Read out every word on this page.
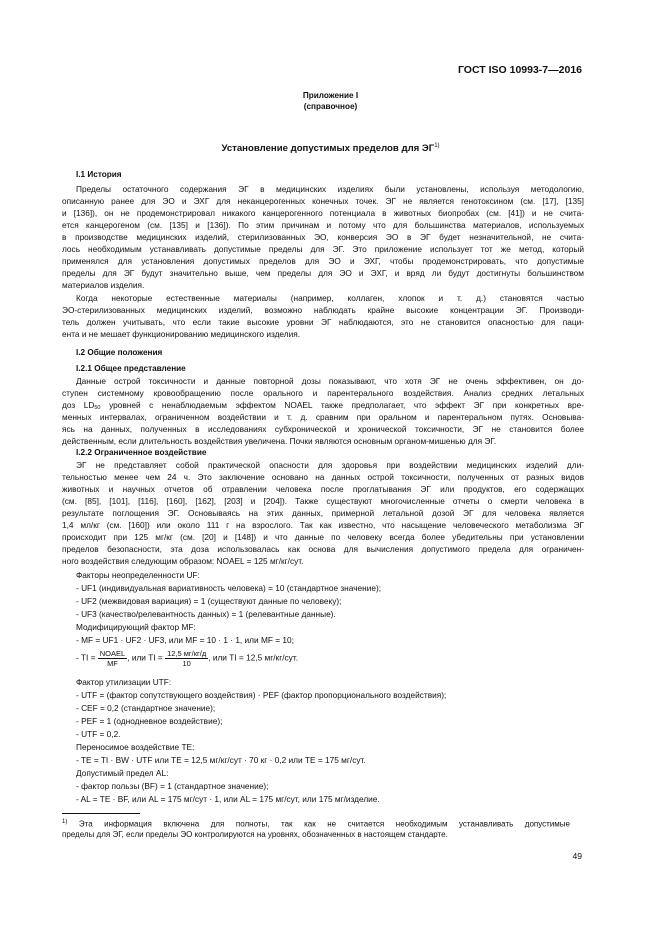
ГОСТ ISO 10993-7—2016

Приложение I

(справочное)

Установление допустимых пределов для ЭГ$^{1)}$

I.1 История

Пределы остаточного содержания ЭГ в медицинских изделиях были установлены, используя методологию,

описанную ранее для ЭО и ЭХГ для неканцерогенных конечных точек. ЭГ не является генотоксином (см. [17], [135]

и [136]), он не продемонстрировал никакого канцерогенного потенциала в животных биопробах (см. [41]) и не счита-

ется канцерогеном (см. [135] и [136]). По этим причинам и потому что для большинства материалов, используемых

в производстве медицинских изделий, стерилизованных ЭО, конверсия ЭО в ЭГ будет незначительной, не счита-

лось необходимым устанавливать допустимые пределы для ЭГ. Это приложение использует тот же метод, который

применялся для установления допустимых пределов для ЭО и ЭХГ, чтобы продемонстрировать, что допустимые

пределы для ЭГ будут значительно выше, чем пределы для ЭО и ЭХГ, и вряд ли будут достигнуты большинством

материалов изделия.

Когда некоторые естественные материалы (например, коллаген, хлопок и т. д.) становятся частью

ЭО-стерилизованных медицинских изделий, возможно наблюдать крайне высокие концентрации ЭГ. Производи-

тель должен учитывать, что если такие высокие уровни ЭГ наблюдаются, это не становится опасностью для паци-

ента и не мешает функционированию медицинского изделия.

I.2 Общие положения

I.2.1 Общее представление

Данные острой токсичности и данные повторной дозы показывают, что хотя ЭГ не очень эффективен, он до-

ступен системному кровообращению после орального и парентерального воздействия. Анализ средних летальных

доз $LD_{50}$ уровней с ненаблюдаемым эффектом NOAEL также предполагает, что эффект ЭГ при конкретных вре-

менных интервалах, ограниченном воздействии и т. д. сравним при оральном и парентеральном путях. Основыва-

ясь на данных, полученных в исследованиях субхронической и хронической токсичности, ЭГ не становится более

действенным, если длительность воздействия увеличена. Почки являются основным органом-мишенью для ЭГ.

I.2.2 Ограниченное воздействие

ЭГ не представляет собой практической опасности для здоровья при воздействии медицинских изделий дли-

тельностью менее чем 24 ч. Это заключение основано на данных острой токсичности, полученных от разных видов

животных и научных отчетов об отравлении человека после проглатывания ЭГ или продуктов, его содержащих

(см. [85], [101], [116], [160], [162], [203] и [204]). Также существуют многочисленные отчеты о смерти человека в

результате поглощения ЭГ. Основываясь на этих данных, примерной летальной дозой ЭГ для человека является

1,4 мл/кг (см. [160]) или около 111 г на взрослого. Так как известно, что насыщение человеческого метаболизма ЭГ

происходит при 125 мг/кг (см. [20] и [148]) и что данные по человеку всегда более убедительны при установлении

пределов безопасности, эта доза использовалась как основа для вычисления допустимого предела для ограничен-

ного воздействия следующим образом: NOAEL = 125 мг/кг/сут.

Факторы неопределенности UF:

- UF1 (индивидуальная вариативность человека) = 10 (стандартное значение);

- UF2 (межвидовая вариация) = 1 (существуют данные по человеку);

- UF3 (качество/релевантность данных) = 1 (релевантные данные).

Модифицирующий фактор MF:

- MF = UF1 · UF2 · UF3, или MF = 10 · 1 · 1, или MF = 10;

- TI = $\frac{\text{NOAEL}}{MF}$ , или TI = $\frac{12,5 мг/кг/д}{10}$ , или TI = 12,5 мг/кг/сут.

Фактор утилизации UTF:

- UTF = (фактор сопутствующего воздействия) · PEF (фактор пропорционального воздействия);

- CEF = 0,2 (стандартное значение);

- PEF = 1 (однодневное воздействие);

- UTF = 0,2.

Переносимое воздействие TE:

- TE = TI · BW · UTF или TE = 12,5 мг/кг/сут · 70 кг · 0,2 или TE = 175 мг/сут.

Допустимый предел AL:

- фактор пользы (BF) = 1 (стандартное значение);

- AL = TE · BF, или AL = 175 мг/сут · 1, или AL = 175 мг/сут, или 175 мг/изделие.

$^{1)}$ Эта информация включена для полноты, так как не считается необходимым устанавливать допустимые

пределы для ЭГ, если пределы ЭО контролируются на уровнях, обозначенных в настоящем стандарте.

49
